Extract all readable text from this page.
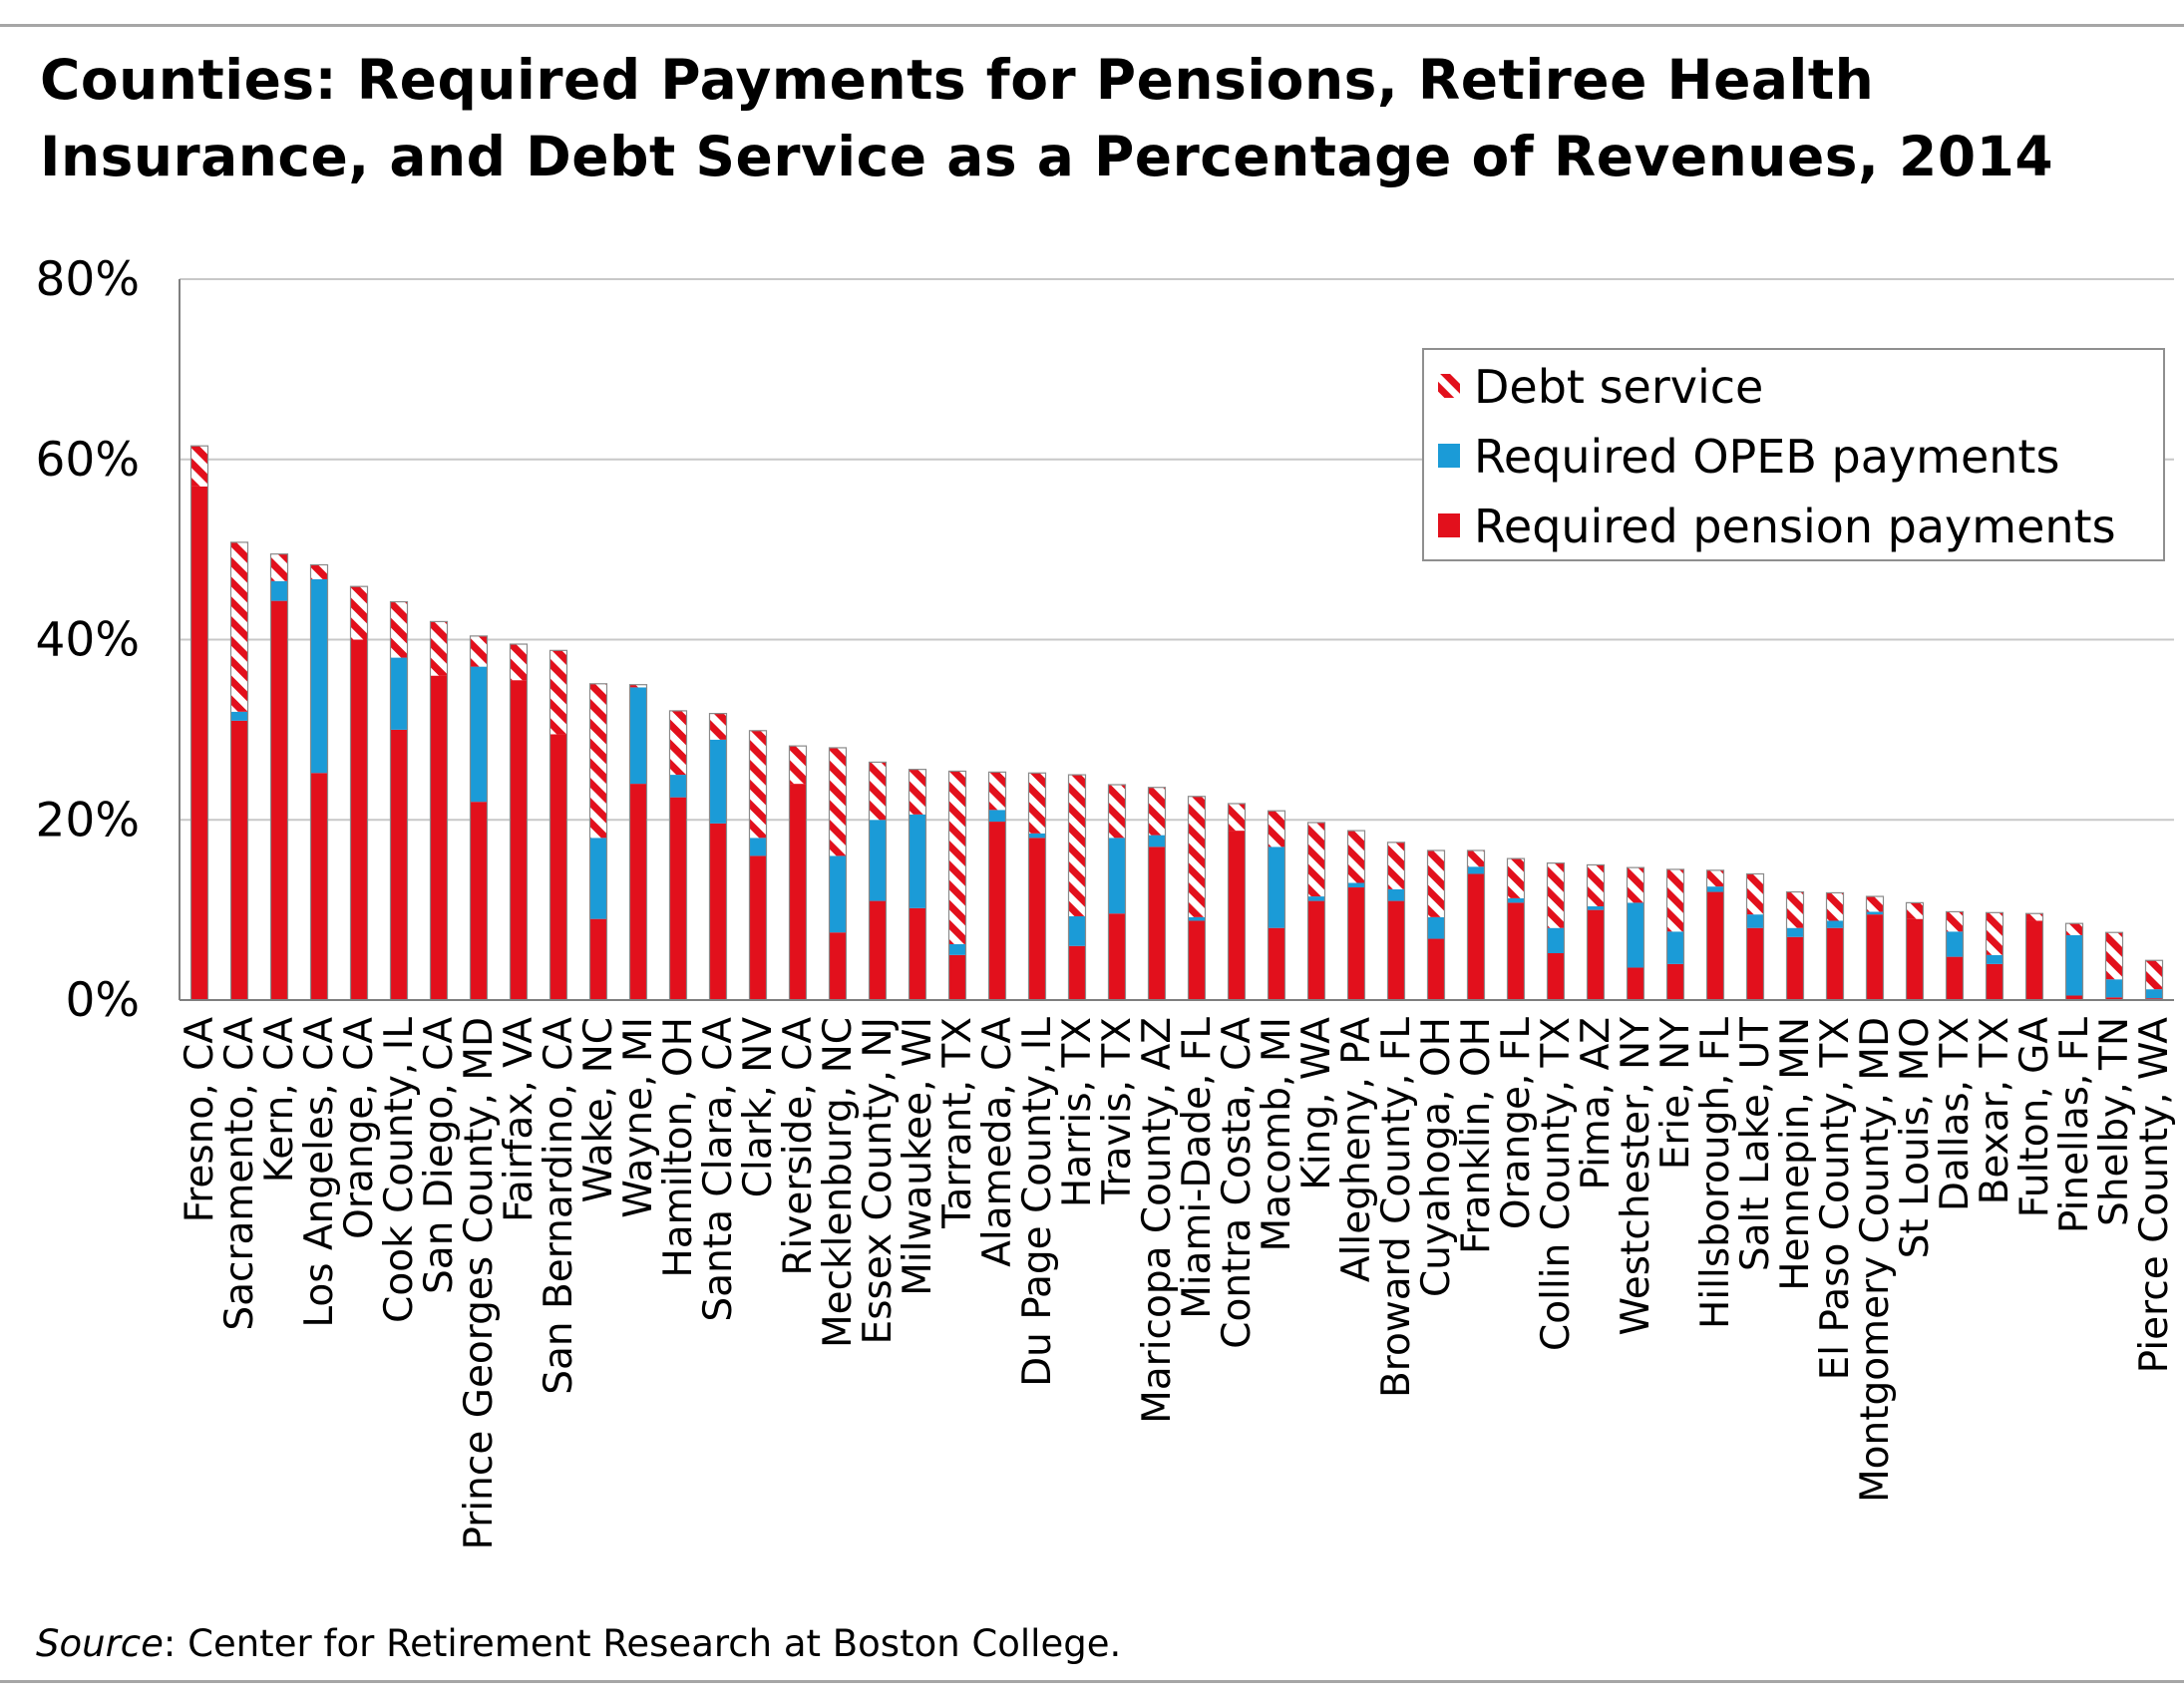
Counties: Required Payments for Pensions, Retiree Health
Insurance, and Debt Service as a Percentage of Revenues, 2014
0%
20%
40%
60%
80%
Fresno, CA
Sacramento, CA
Kern, CA
Los Angeles, CA
Orange, CA
Cook County, IL
San Diego, CA
Prince Georges County, MD
Fairfax, VA
San Bernardino, CA
Wake, NC
Wayne, MI
Hamilton, OH
Santa Clara, CA
Clark, NV
Riverside, CA
Mecklenburg, NC
Essex County, NJ
Milwaukee, WI
Tarrant, TX
Alameda, CA
Du Page County, IL
Harris, TX
Travis, TX
Maricopa County, AZ
Miami-Dade, FL
Contra Costa, CA
Macomb, MI
King, WA
Allegheny, PA
Broward County, FL
Cuyahoga, OH
Franklin, OH
Orange, FL
Collin County, TX
Pima, AZ
Westchester, NY
Erie, NY
Hillsborough, FL
Salt Lake, UT
Hennepin, MN
El Paso County, TX
Montgomery County, MD
St Louis, MO
Dallas, TX
Bexar, TX
Fulton, GA
Pinellas, FL
Shelby, TN
Pierce County, WA
Debt service
Required OPEB payments
Required pension payments
Source: Center for Retirement Research at Boston College.
